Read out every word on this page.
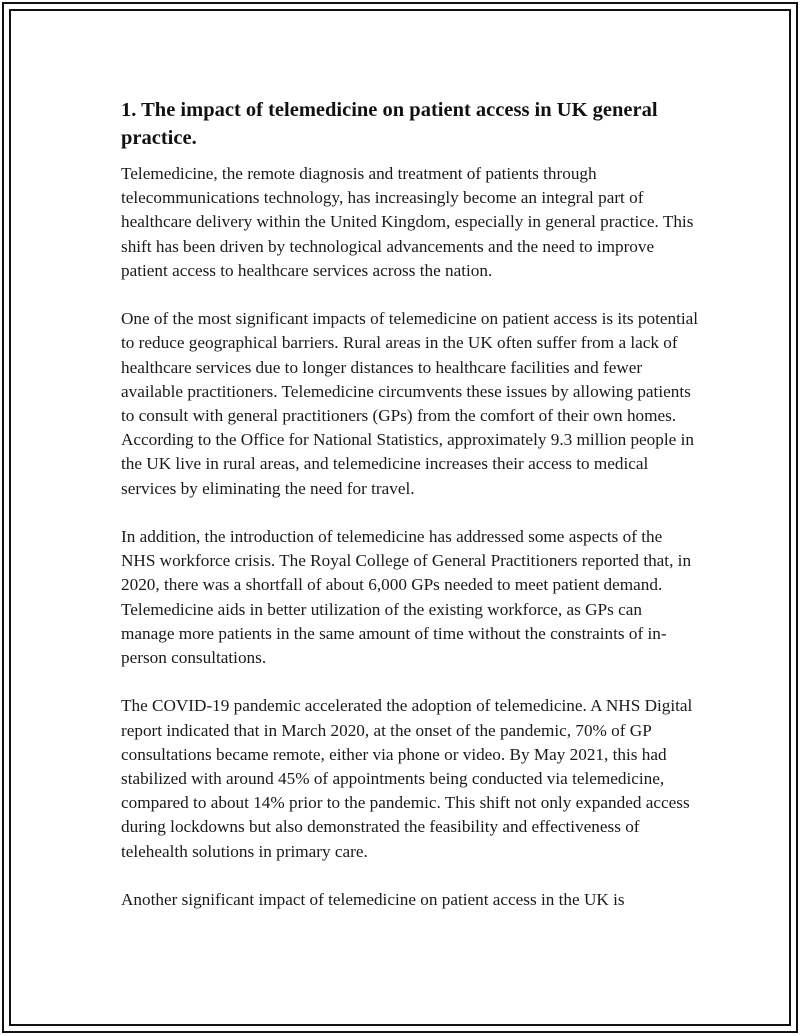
1. The impact of telemedicine on patient access in UK general practice.

Telemedicine, the remote diagnosis and treatment of patients through telecommunications technology, has increasingly become an integral part of healthcare delivery within the United Kingdom, especially in general practice. This shift has been driven by technological advancements and the need to improve patient access to healthcare services across the nation.

One of the most significant impacts of telemedicine on patient access is its potential to reduce geographical barriers. Rural areas in the UK often suffer from a lack of healthcare services due to longer distances to healthcare facilities and fewer available practitioners. Telemedicine circumvents these issues by allowing patients to consult with general practitioners (GPs) from the comfort of their own homes. According to the Office for National Statistics, approximately 9.3 million people in the UK live in rural areas, and telemedicine increases their access to medical services by eliminating the need for travel.

In addition, the introduction of telemedicine has addressed some aspects of the NHS workforce crisis. The Royal College of General Practitioners reported that, in 2020, there was a shortfall of about 6,000 GPs needed to meet patient demand. Telemedicine aids in better utilization of the existing workforce, as GPs can manage more patients in the same amount of time without the constraints of in-person consultations.

The COVID-19 pandemic accelerated the adoption of telemedicine. A NHS Digital report indicated that in March 2020, at the onset of the pandemic, 70% of GP consultations became remote, either via phone or video. By May 2021, this had stabilized with around 45% of appointments being conducted via telemedicine, compared to about 14% prior to the pandemic. This shift not only expanded access during lockdowns but also demonstrated the feasibility and effectiveness of telehealth solutions in primary care.

Another significant impact of telemedicine on patient access in the UK is
